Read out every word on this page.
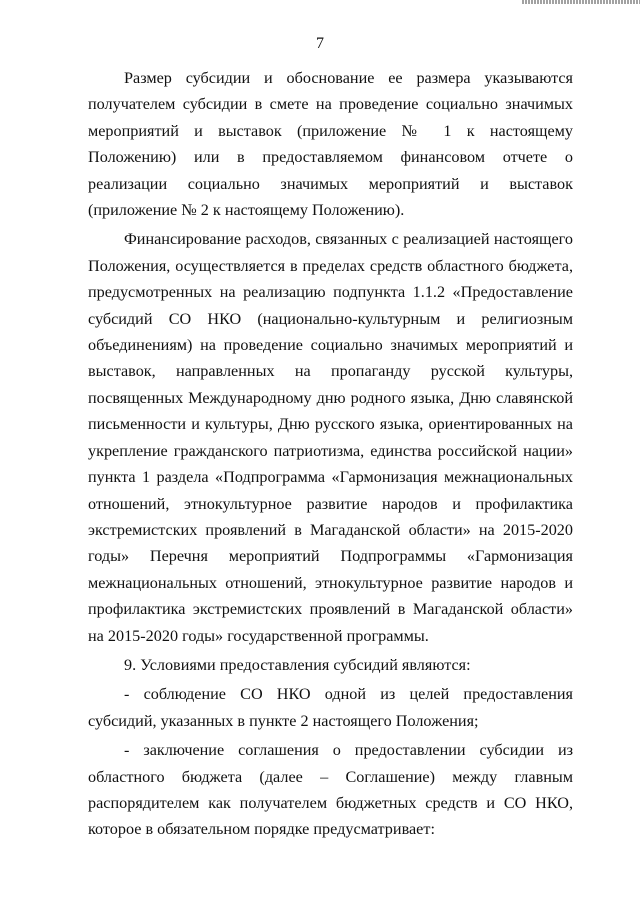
7

Размер субсидии и обоснование ее размера указываются получателем субсидии в смете на проведение социально значимых мероприятий и выставок (приложение № 1 к настоящему Положению) или в предоставляемом финансовом отчете о реализации социально значимых мероприятий и выставок (приложение № 2 к настоящему Положению).

Финансирование расходов, связанных с реализацией настоящего Положения, осуществляется в пределах средств областного бюджета, предусмотренных на реализацию подпункта 1.1.2 «Предоставление субсидий СО НКО (национально-культурным и религиозным объединениям) на проведение социально значимых мероприятий и выставок, направленных на пропаганду русской культуры, посвященных Международному дню родного языка, Дню славянской письменности и культуры, Дню русского языка, ориентированных на укрепление гражданского патриотизма, единства российской нации» пункта 1 раздела «Подпрограмма «Гармонизация межнациональных отношений, этнокультурное развитие народов и профилактика экстремистских проявлений в Магаданской области» на 2015-2020 годы» Перечня мероприятий Подпрограммы «Гармонизация межнациональных отношений, этнокультурное развитие народов и профилактика экстремистских проявлений в Магаданской области» на 2015-2020 годы» государственной программы.

9. Условиями предоставления субсидий являются:

- соблюдение СО НКО одной из целей предоставления субсидий, указанных в пункте 2 настоящего Положения;

- заключение соглашения о предоставлении субсидии из областного бюджета (далее – Соглашение) между главным распорядителем как получателем бюджетных средств и СО НКО, которое в обязательном порядке предусматривает:
